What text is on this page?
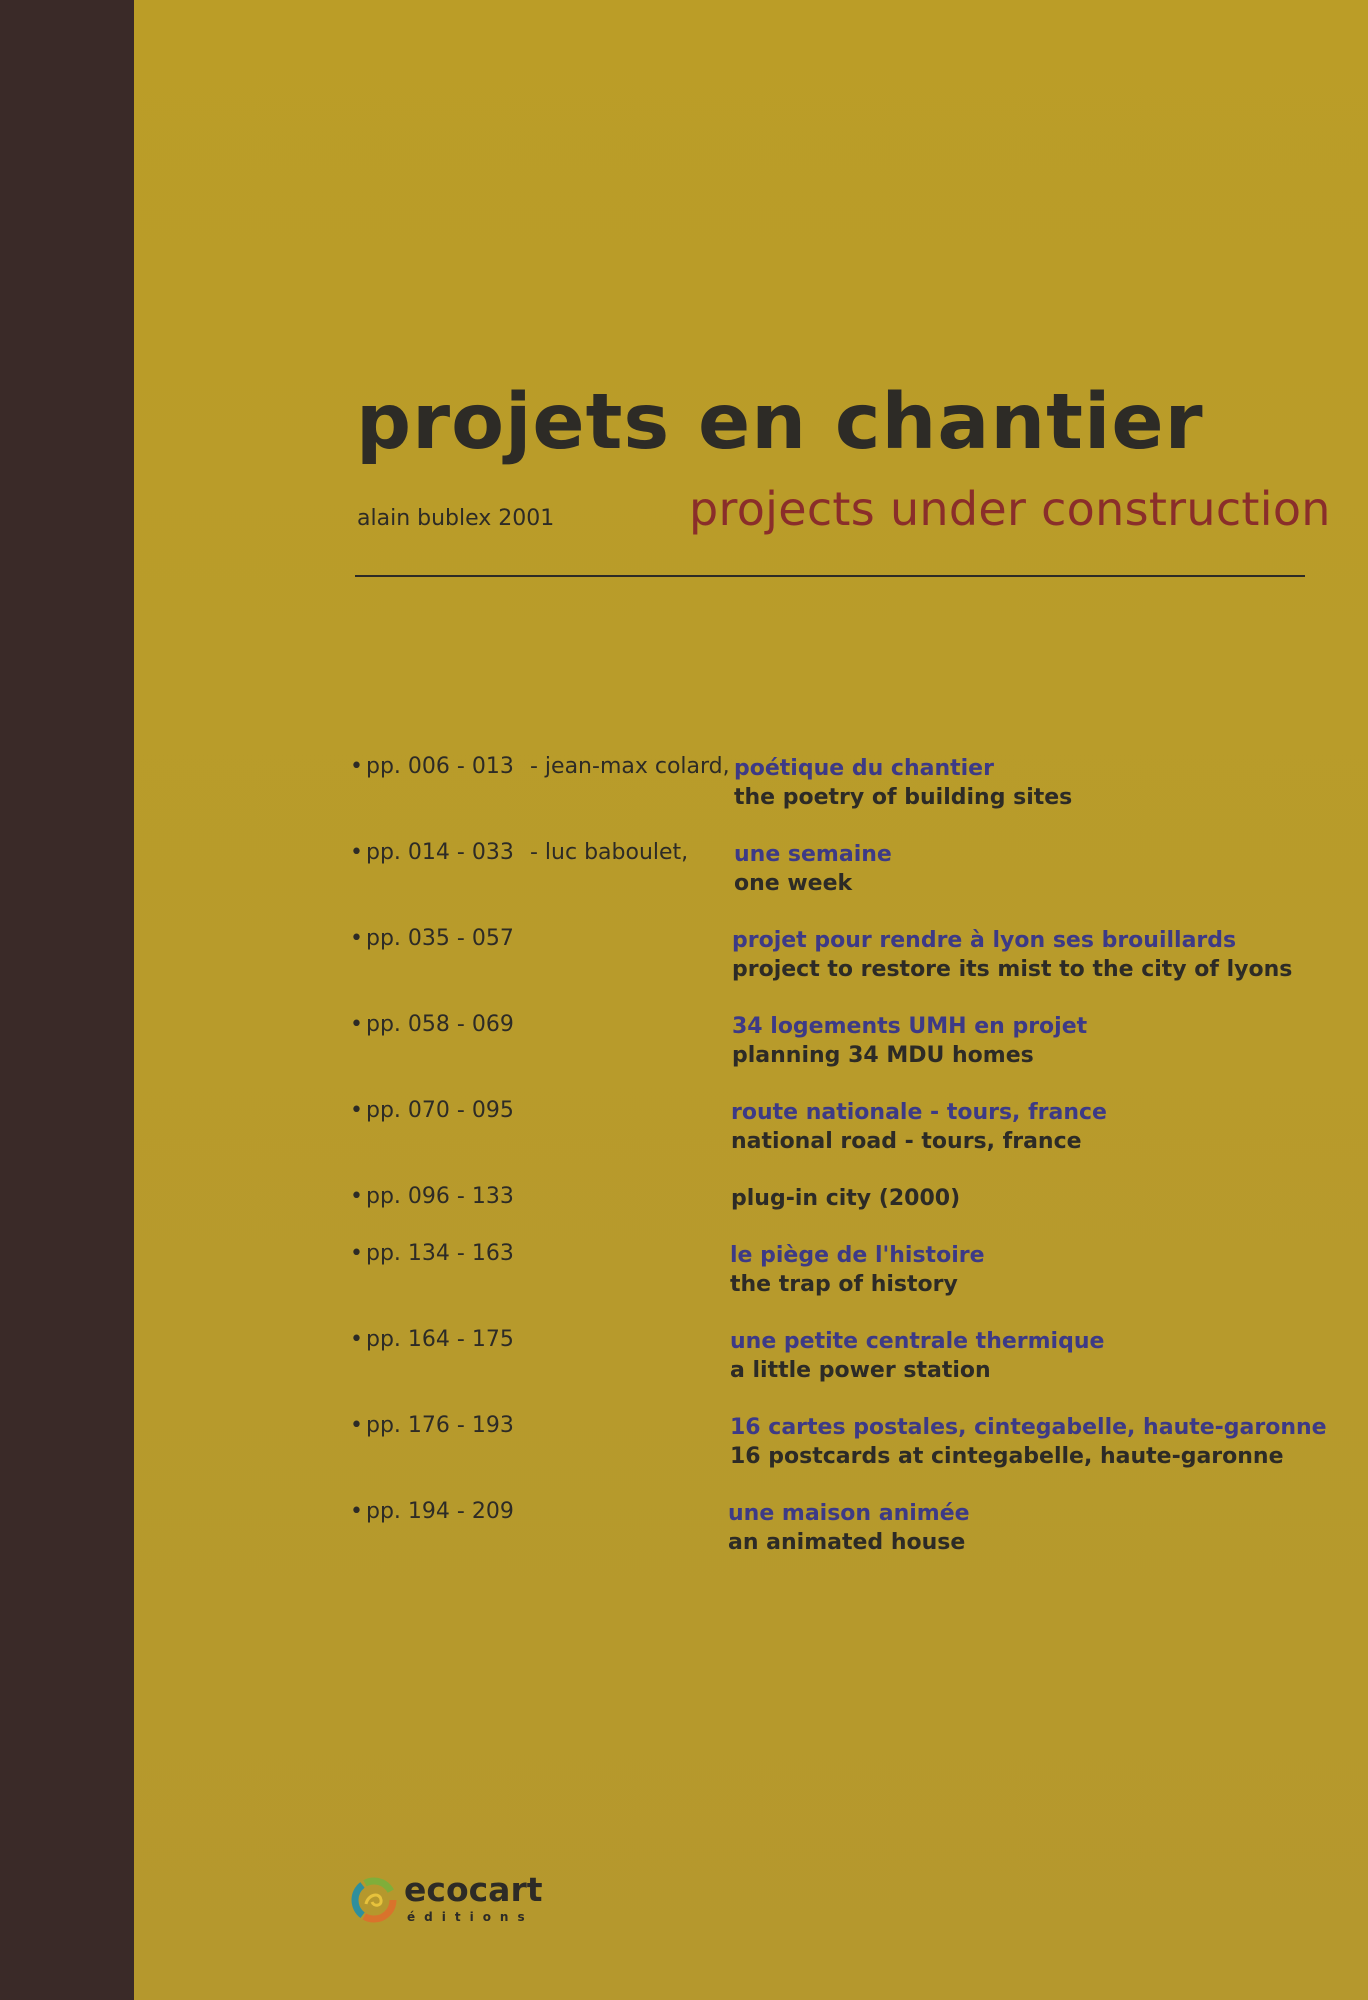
projets en chantier
alain bublex 2001	projects under construction
• pp. 006 - 013 - jean-max colard, poétique du chantier
the poetry of building sites
• pp. 014 - 033 - luc baboulet, une semaine
one week
• pp. 035 - 057	projet pour rendre à lyon ses brouillards
project to restore its mist to the city of lyons
• pp. 058 - 069	34 logements UMH en projet
planning 34 MDU homes
• pp. 070 - 095	route nationale - tours, france
national road - tours, france
• pp. 096 - 133	plug-in city (2000)
• pp. 134 - 163	le piège de l'histoire
the trap of history
• pp. 164 - 175	une petite centrale thermique
a little power station
• pp. 176 - 193	16 cartes postales, cintegabelle, haute-garonne
16 postcards at cintegabelle, haute-garonne
• pp. 194 - 209	une maison animée
an animated house
ecocart
éditions
